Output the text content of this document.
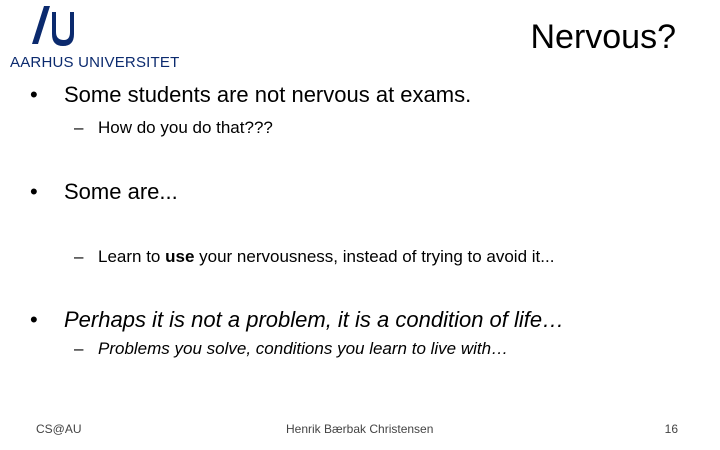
AARHUS UNIVERSITET
Nervous?
• Some students are not nervous at exams.
– How do you do that???
• Some are...
– Learn to use your nervousness, instead of trying to avoid it...
• Perhaps it is not a problem, it is a condition of life…
– Problems you solve, conditions you learn to live with…
CS@AU	Henrik Bærbak Christensen	16
